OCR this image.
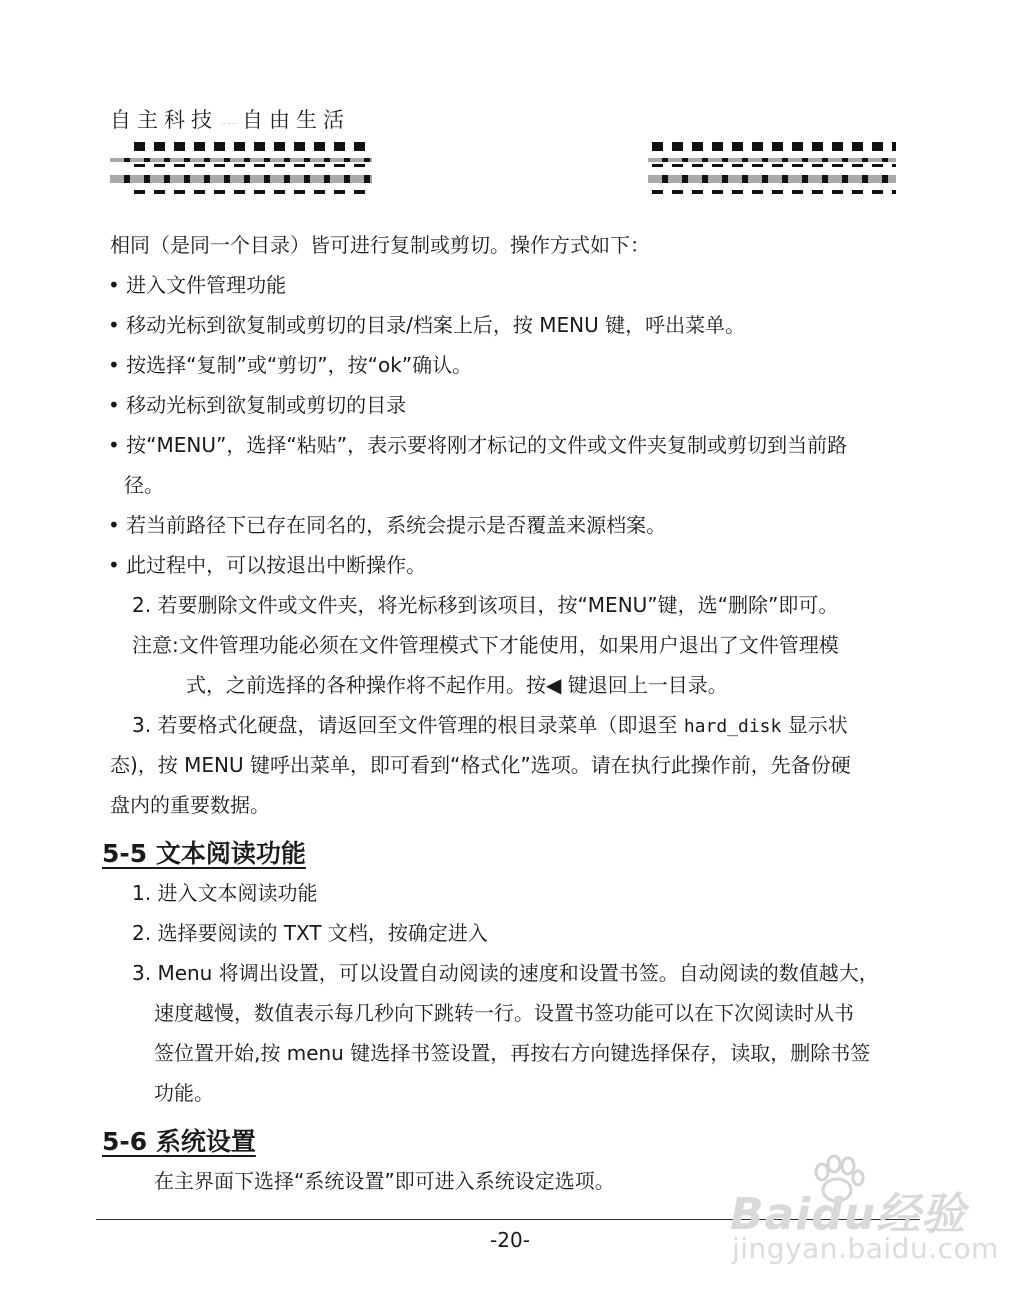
自主科技 --- 自由生活
相同（是同一个目录）皆可进行复制或剪切。操作方式如下：
• 进入文件管理功能
• 移动光标到欲复制或剪切的目录/档案上后，按 MENU 键，呼出菜单。
• 按选择“复制”或“剪切”，按“ok”确认。
• 移动光标到欲复制或剪切的目录
• 按“MENU”，选择“粘贴”，表示要将刚才标记的文件或文件夹复制或剪切到当前路
径。
• 若当前路径下已存在同名的，系统会提示是否覆盖来源档案。
• 此过程中，可以按退出中断操作。
2. 若要删除文件或文件夹，将光标移到该项目，按“MENU”键，选“删除”即可。
注意:文件管理功能必须在文件管理模式下才能使用，如果用户退出了文件管理模
式，之前选择的各种操作将不起作用。按◀ 键退回上一目录。
3. 若要格式化硬盘，请返回至文件管理的根目录菜单（即退至 hard_disk 显示状
态)，按 MENU 键呼出菜单，即可看到“格式化”选项。请在执行此操作前，先备份硬
盘内的重要数据。
5-5 文本阅读功能
1. 进入文本阅读功能
2. 选择要阅读的 TXT 文档，按确定进入
3. Menu 将调出设置，可以设置自动阅读的速度和设置书签。自动阅读的数值越大，
速度越慢，数值表示每几秒向下跳转一行。设置书签功能可以在下次阅读时从书
签位置开始,按 menu 键选择书签设置，再按右方向键选择保存，读取，删除书签
功能。
5-6 系统设置
在主界面下选择“系统设置”即可进入系统设定选项。
-20-	Baidu经验
jingyan.baidu.com
